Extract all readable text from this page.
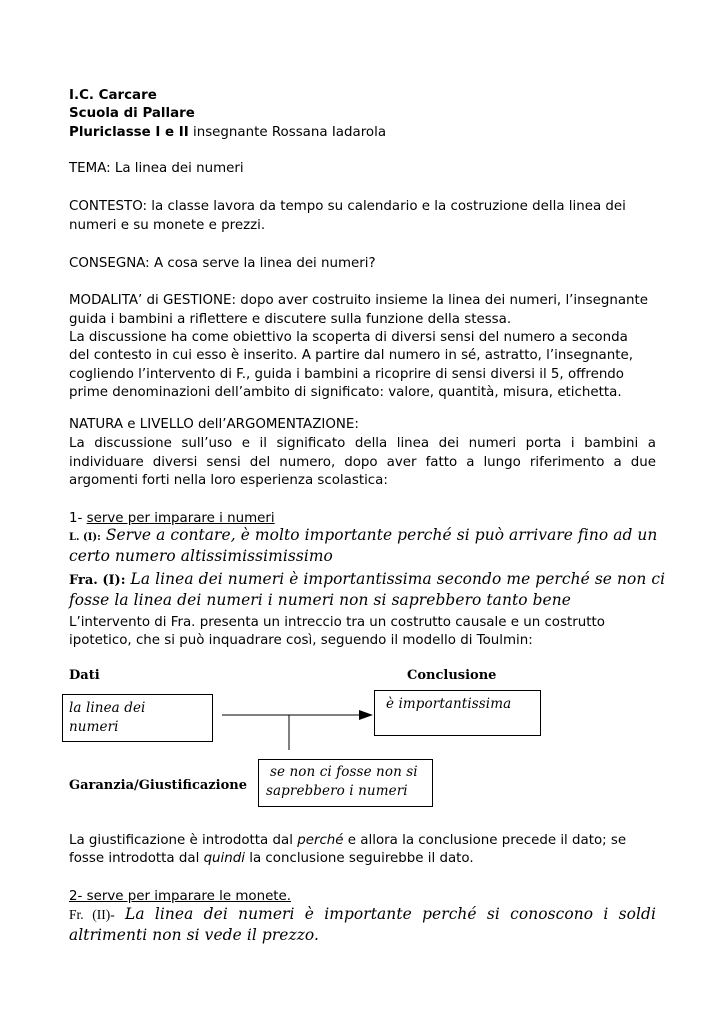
I.C. Carcare
Scuola di Pallare
Pluriclasse I e II insegnante Rossana Iadarola
TEMA: La linea dei numeri
CONTESTO: la classe lavora da tempo su calendario e la costruzione della linea dei
numeri e su monete e prezzi.
CONSEGNA: A cosa serve la linea dei numeri?
MODALITA’ di GESTIONE: dopo aver costruito insieme la linea dei numeri, l’insegnante
guida i bambini a riflettere e discutere sulla funzione della stessa.
La discussione ha come obiettivo la scoperta di diversi sensi del numero a seconda
del contesto in cui esso è inserito. A partire dal numero in sé, astratto, l’insegnante,
cogliendo l’intervento di F., guida i bambini a ricoprire di sensi diversi il 5, offrendo
prime denominazioni dell’ambito di significato: valore, quantità, misura, etichetta.
NATURA e LIVELLO dell’ARGOMENTAZIONE:
La discussione sull’uso e il significato della linea dei numeri porta i bambini a
individuare diversi sensi del numero, dopo aver fatto a lungo riferimento a due
argomenti forti nella loro esperienza scolastica:
1- serve per imparare i numeri
L. (I): Serve a contare, è molto importante perché si può arrivare fino ad un
certo numero altissimissimissimo
Fra. (I): La linea dei numeri è importantissima secondo me perché se non ci
fosse la linea dei numeri i numeri non si saprebbero tanto bene
L’intervento di Fra. presenta un intreccio tra un costrutto causale e un costrutto
ipotetico, che si può inquadrare così, seguendo il modello di Toulmin:
Dati	Conclusione
la linea dei
numeri
è importantissima
se non ci fosse non si
saprebbero i numeri
Garanzia/Giustificazione
La giustificazione è introdotta dal perché e allora la conclusione precede il dato; se
fosse introdotta dal quindi la conclusione seguirebbe il dato.
2- serve per imparare le monete.
Fr. (II)- La linea dei numeri è importante perché si conoscono i soldi
altrimenti non si vede il prezzo.
